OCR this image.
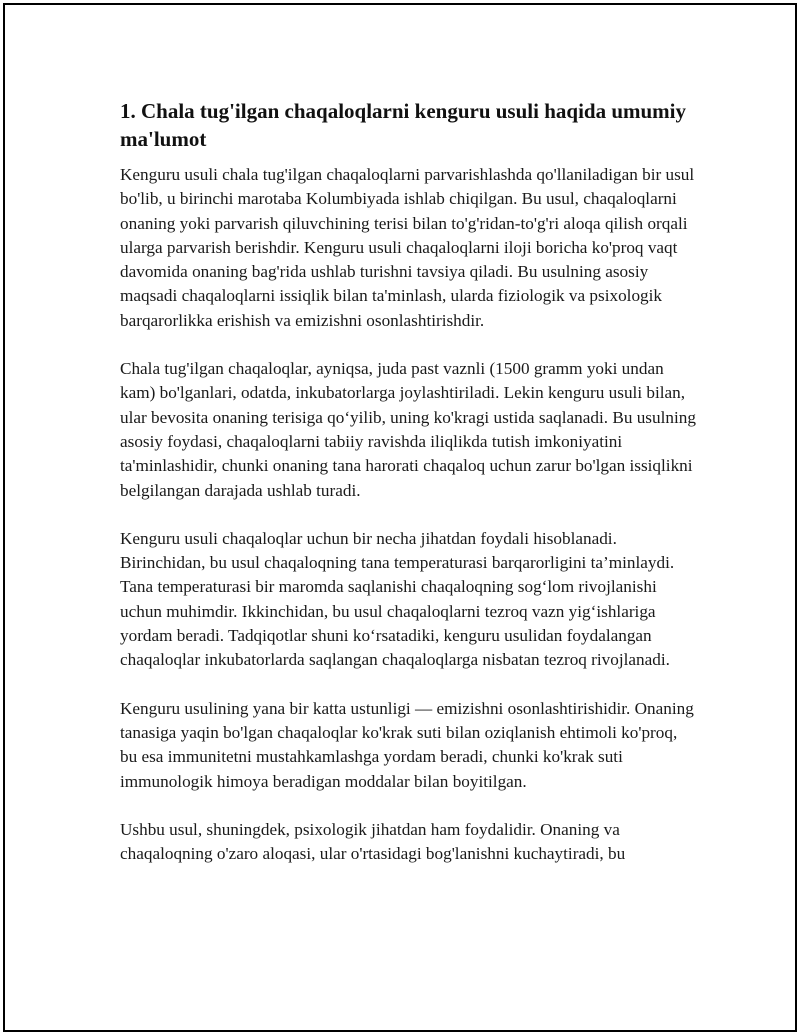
1. Chala tug'ilgan chaqaloqlarni kenguru usuli haqida umumiy ma'lumot

Kenguru usuli chala tug'ilgan chaqaloqlarni parvarishlashda qo'llaniladigan bir usul bo'lib, u birinchi marotaba Kolumbiyada ishlab chiqilgan. Bu usul, chaqaloqlarni onaning yoki parvarish qiluvchining terisi bilan to'g'ridan-to'g'ri aloqa qilish orqali ularga parvarish berishdir. Kenguru usuli chaqaloqlarni iloji boricha ko'proq vaqt davomida onaning bag'rida ushlab turishni tavsiya qiladi. Bu usulning asosiy maqsadi chaqaloqlarni issiqlik bilan ta'minlash, ularda fiziologik va psixologik barqarorlikka erishish va emizishni osonlashtirishdir.

Chala tug'ilgan chaqaloqlar, ayniqsa, juda past vaznli (1500 gramm yoki undan kam) bo'lganlari, odatda, inkubatorlarga joylashtiriladi. Lekin kenguru usuli bilan, ular bevosita onaning terisiga qo‘yilib, uning ko'kragi ustida saqlanadi. Bu usulning asosiy foydasi, chaqaloqlarni tabiiy ravishda iliqlikda tutish imkoniyatini ta'minlashidir, chunki onaning tana harorati chaqaloq uchun zarur bo'lgan issiqlikni belgilangan darajada ushlab turadi.

Kenguru usuli chaqaloqlar uchun bir necha jihatdan foydali hisoblanadi. Birinchidan, bu usul chaqaloqning tana temperaturasi barqarorligini ta’minlaydi. Tana temperaturasi bir maromda saqlanishi chaqaloqning sog‘lom rivojlanishi uchun muhimdir. Ikkinchidan, bu usul chaqaloqlarni tezroq vazn yig‘ishlariga yordam beradi. Tadqiqotlar shuni ko‘rsatadiki, kenguru usulidan foydalangan chaqaloqlar inkubatorlarda saqlangan chaqaloqlarga nisbatan tezroq rivojlanadi.

Kenguru usulining yana bir katta ustunligi — emizishni osonlashtirishidir. Onaning tanasiga yaqin bo'lgan chaqaloqlar ko'krak suti bilan oziqlanish ehtimoli ko'proq, bu esa immunitetni mustahkamlashga yordam beradi, chunki ko'krak suti immunologik himoya beradigan moddalar bilan boyitilgan.

Ushbu usul, shuningdek, psixologik jihatdan ham foydalidir. Onaning va chaqaloqning o'zaro aloqasi, ular o'rtasidagi bog'lanishni kuchaytiradi, bu
